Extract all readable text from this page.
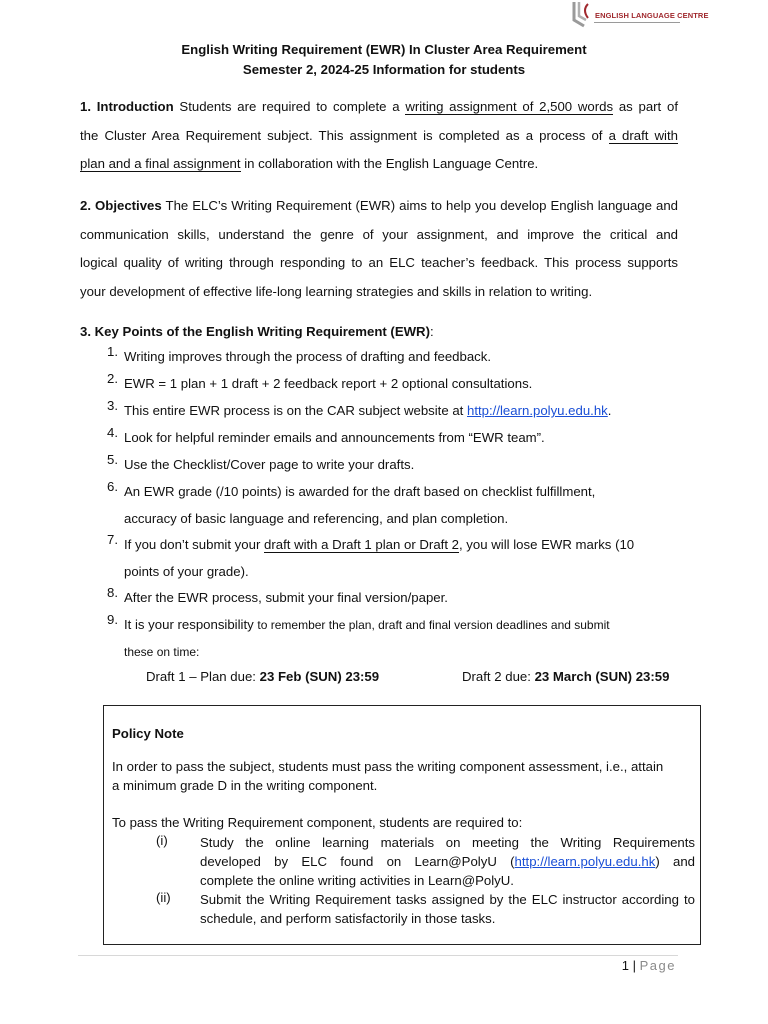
ENGLISH LANGUAGE CENTRE
English Writing Requirement (EWR) In Cluster Area Requirement
Semester 2, 2024-25 Information for students
1. Introduction Students are required to complete a writing assignment of 2,500 words as part of
the Cluster Area Requirement subject. This assignment is completed as a process of a draft with
plan and a final assignment in collaboration with the English Language Centre.
2. Objectives The ELC’s Writing Requirement (EWR) aims to help you develop English language and
communication skills, understand the genre of your assignment, and improve the critical and
logical quality of writing through responding to an ELC teacher’s feedback. This process supports
your development of effective life-long learning strategies and skills in relation to writing.
3. Key Points of the English Writing Requirement (EWR):
1. Writing improves through the process of drafting and feedback.
2. EWR = 1 plan + 1 draft + 2 feedback report + 2 optional consultations.
3. This entire EWR process is on the CAR subject website at http://learn.polyu.edu.hk.
4. Look for helpful reminder emails and announcements from “EWR team”.
5. Use the Checklist/Cover page to write your drafts.
6. An EWR grade (/10 points) is awarded for the draft based on checklist fulfillment,
accuracy of basic language and referencing, and plan completion.
7. If you don’t submit your draft with a Draft 1 plan or Draft 2, you will lose EWR marks (10
points of your grade).
8. After the EWR process, submit your final version/paper.
9. It is your responsibility to remember the plan, draft and final version deadlines and submit
these on time:
Draft 1 – Plan due: 23 Feb (SUN) 23:59	Draft 2 due: 23 March (SUN) 23:59
Policy Note
In order to pass the subject, students must pass the writing component assessment, i.e., attain
a minimum grade D in the writing component.
To pass the Writing Requirement component, students are required to:
(i)	Study the online learning materials on meeting the Writing Requirements
developed by ELC found on Learn@PolyU (http://learn.polyu.edu.hk) and
complete the online writing activities in Learn@PolyU.
(ii) Submit the Writing Requirement tasks assigned by the ELC instructor according to
schedule, and perform satisfactorily in those tasks.
1 | Page
